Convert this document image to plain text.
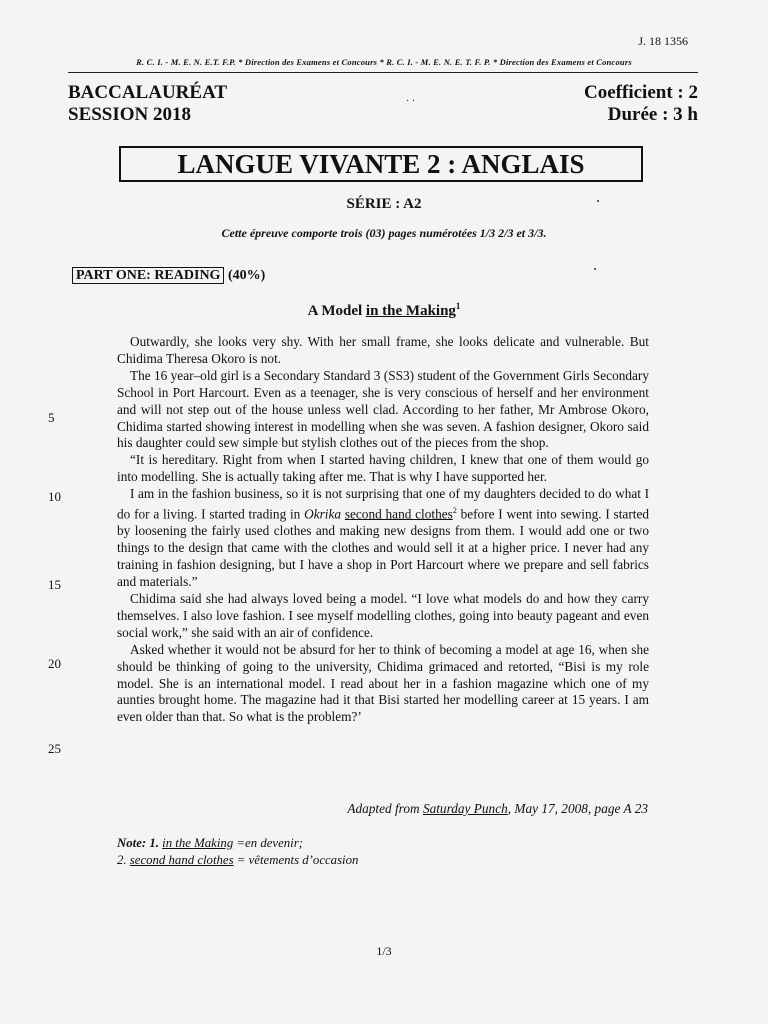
J. 18 1356
R. C. I. - M. E. N. E.T. F.P. * Direction des Examens et Concours * R. C. I. - M. E. N. E. T. F. P. * Direction des Examens et Concours
BACCALAURÉAT
SESSION 2018
· ·	Coefficient : 2
Durée : 3 h
LANGUE VIVANTE 2 : ANGLAIS
SÉRIE : A2
Cette épreuve comporte trois (03) pages numérotées 1/3 2/3 et 3/3.
PART ONE: READING (40%)
A Model in the Making$^1$

Outwardly, she looks very shy. With her small frame, she looks delicate and vulnerable. But Chidima Theresa Okoro is not.

The 16 year–old girl is a Secondary Standard 3 (SS3) student of the Government Girls Secondary School in Port Harcourt. Even as a teenager, she is very conscious of herself and her environment and will not step out of the house unless well clad. According to her father, Mr Ambrose Okoro, Chidima started showing interest in modelling when she was seven. A fashion designer, Okoro said his daughter could sew simple but stylish clothes out of the pieces from the shop.

“It is hereditary. Right from when I started having children, I knew that one of them would go into modelling. She is actually taking after me. That is why I have supported her.

I am in the fashion business, so it is not surprising that one of my daughters decided to do what I do for a living. I started trading in Okrika second hand clothes$^2$ before I went into sewing. I started by loosening the fairly used clothes and making new designs from them. I would add one or two things to the design that came with the clothes and would sell it at a higher price. I never had any training in fashion designing, but I have a shop in Port Harcourt where we prepare and sell fabrics and materials.”

Chidima said she had always loved being a model. “I love what models do and how they carry themselves. I also love fashion. I see myself modelling clothes, going into beauty pageant and even social work,” she said with an air of confidence.

Asked whether it would not be absurd for her to think of becoming a model at age 16, when she should be thinking of going to the university, Chidima grimaced and retorted, “Bisi is my role model. She is an international model. I read about her in a fashion magazine which one of my aunties brought home. The magazine had it that Bisi started her modelling career at 15 years. I am even older than that. So what is the problem?’

5
10
15
20
25
Adapted from Saturday Punch, May 17, 2008, page A 23
Note: 1. in the Making =en devenir;
2. second hand clothes = vêtements d’occasion
1/3
